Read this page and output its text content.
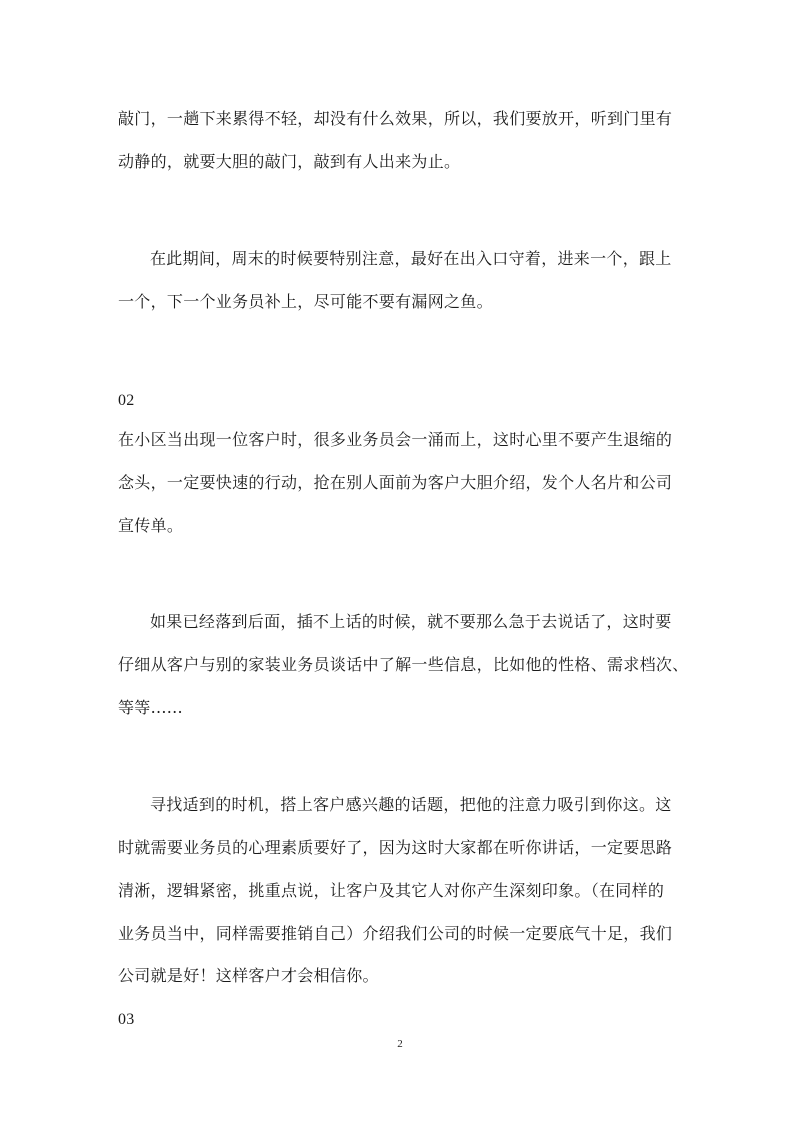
敲门，一趟下来累得不轻，却没有什么效果，所以，我们要放开，听到门里有
动静的，就要大胆的敲门，敲到有人出来为止。
在此期间，周末的时候要特别注意，最好在出入口守着，进来一个，跟上
一个，下一个业务员补上，尽可能不要有漏网之鱼。
02
在小区当出现一位客户时，很多业务员会一涌而上，这时心里不要产生退缩的
念头，一定要快速的行动，抢在别人面前为客户大胆介绍，发个人名片和公司
宣传单。
如果已经落到后面，插不上话的时候，就不要那么急于去说话了，这时要
仔细从客户与别的家装业务员谈话中了解一些信息，比如他的性格、需求档次、
等等......
寻找适到的时机，搭上客户感兴趣的话题，把他的注意力吸引到你这。这
时就需要业务员的心理素质要好了，因为这时大家都在听你讲话，一定要思路
清淅，逻辑紧密，挑重点说，让客户及其它人对你产生深刻印象。（在同样的
业务员当中，同样需要推销自己）介绍我们公司的时候一定要底气十足，我们
公司就是好！这样客户才会相信你。
03
2
